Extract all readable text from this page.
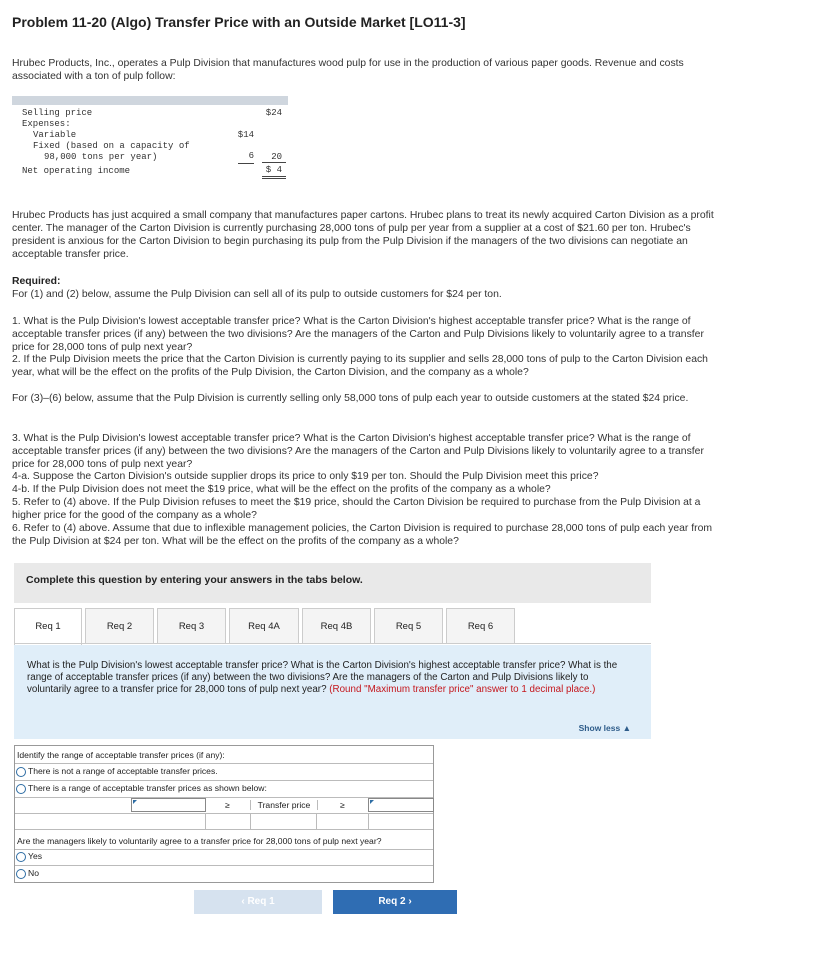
Problem 11-20 (Algo) Transfer Price with an Outside Market [LO11-3]

Hrubec Products, Inc., operates a Pulp Division that manufactures wood pulp for use in the production of various paper goods. Revenue and costs associated with a ton of pulp follow:

Selling price	$24
Expenses:
Variable	$14
Fixed (based on a capacity of
98,000 tons per year)	6	20
Net operating income	$ 4

Hrubec Products has just acquired a small company that manufactures paper cartons. Hrubec plans to treat its newly acquired Carton Division as a profit center. The manager of the Carton Division is currently purchasing 28,000 tons of pulp per year from a supplier at a cost of $21.60 per ton. Hrubec's president is anxious for the Carton Division to begin purchasing its pulp from the Pulp Division if the managers of the two divisions can negotiate an acceptable transfer price.

Required:

For (1) and (2) below, assume the Pulp Division can sell all of its pulp to outside customers for $24 per ton.

1. What is the Pulp Division's lowest acceptable transfer price? What is the Carton Division's highest acceptable transfer price? What is the range of acceptable transfer prices (if any) between the two divisions? Are the managers of the Carton and Pulp Divisions likely to voluntarily agree to a transfer price for 28,000 tons of pulp next year?

2. If the Pulp Division meets the price that the Carton Division is currently paying to its supplier and sells 28,000 tons of pulp to the Carton Division each year, what will be the effect on the profits of the Pulp Division, the Carton Division, and the company as a whole?

For (3)–(6) below, assume that the Pulp Division is currently selling only 58,000 tons of pulp each year to outside customers at the stated $24 price.

3. What is the Pulp Division's lowest acceptable transfer price? What is the Carton Division's highest acceptable transfer price? What is the range of acceptable transfer prices (if any) between the two divisions? Are the managers of the Carton and Pulp Divisions likely to voluntarily agree to a transfer price for 28,000 tons of pulp next year?

4-a. Suppose the Carton Division's outside supplier drops its price to only $19 per ton. Should the Pulp Division meet this price?

4-b. If the Pulp Division does not meet the $19 price, what will be the effect on the profits of the company as a whole?

5. Refer to (4) above. If the Pulp Division refuses to meet the $19 price, should the Carton Division be required to purchase from the Pulp Division at a higher price for the good of the company as a whole?

6. Refer to (4) above. Assume that due to inflexible management policies, the Carton Division is required to purchase 28,000 tons of pulp each year from the Pulp Division at $24 per ton. What will be the effect on the profits of the company as a whole?

Complete this question by entering your answers in the tabs below.
Req 1	Req 2	Req 3	Req 4A	Req 4B	Req 5	Req 6
What is the Pulp Division's lowest acceptable transfer price? What is the Carton Division's highest acceptable transfer price? What is the range of acceptable transfer prices (if any) between the two divisions? Are the managers of the Carton and Pulp Divisions likely to voluntarily agree to a transfer price for 28,000 tons of pulp next year? (Round "Maximum transfer price" answer to 1 decimal place.)
Show less ▲
Identify the range of acceptable transfer prices (if any):
There is not a range of acceptable transfer prices.
There is a range of acceptable transfer prices as shown below:
≥	Transfer price	≥
Are the managers likely to voluntarily agree to a transfer price for 28,000 tons of pulp next year?
Yes
No
‹ Req 1	Req 2 ›
